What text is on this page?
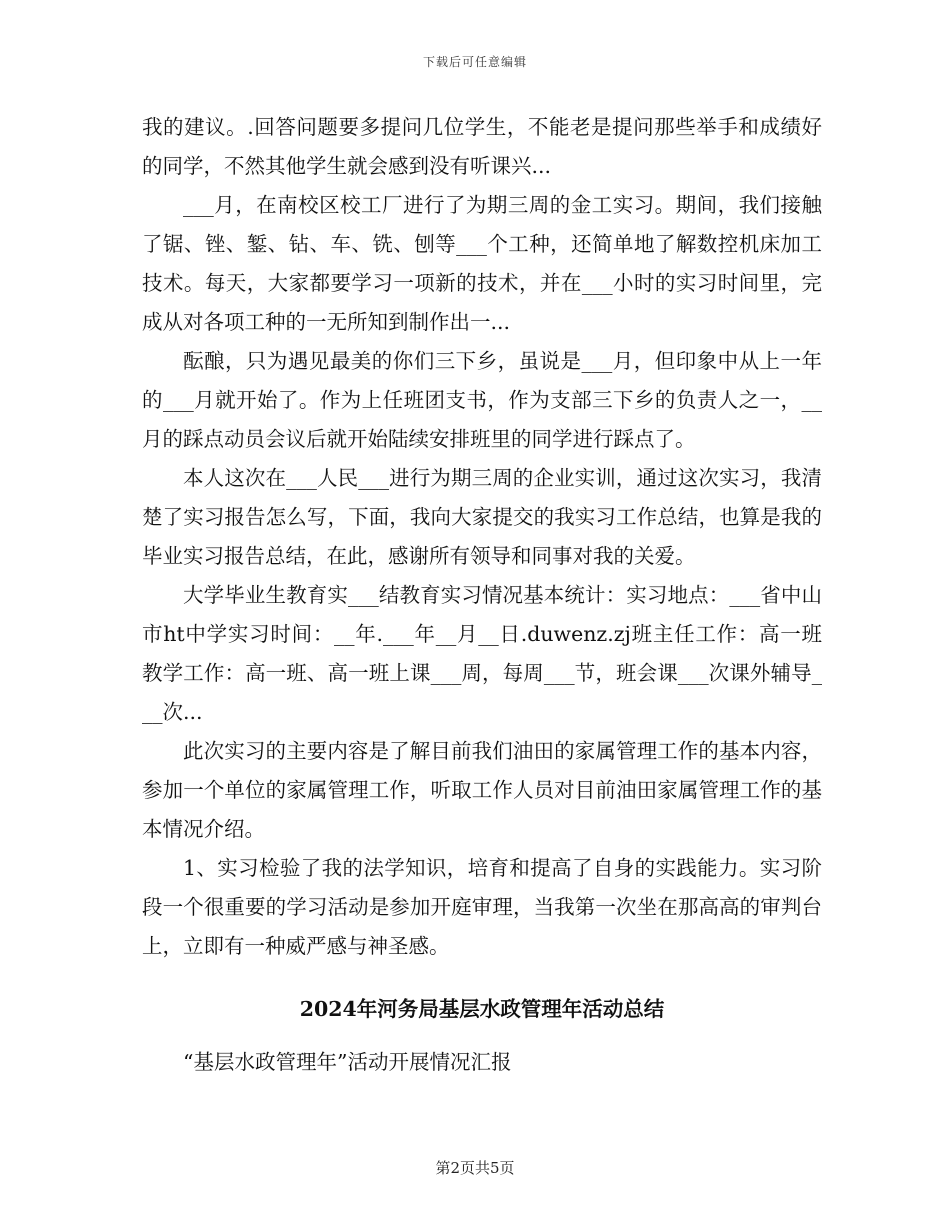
下载后可任意编辑

我的建议。.回答问题要多提问几位学生，不能老是提问那些举手和成绩好的同学，不然其他学生就会感到没有听课兴...

___月，在南校区校工厂进行了为期三周的金工实习。期间，我们接触了锯、锉、錾、钻、车、铣、刨等___个工种，还简单地了解数控机床加工技术。每天，大家都要学习一项新的技术，并在___小时的实习时间里，完成从对各项工种的一无所知到制作出一...

酝酿，只为遇见最美的你们三下乡，虽说是___月，但印象中从上一年的___月就开始了。作为上任班团支书，作为支部三下乡的负责人之一，__月的踩点动员会议后就开始陆续安排班里的同学进行踩点了。

本人这次在___人民___进行为期三周的企业实训，通过这次实习，我清楚了实习报告怎么写，下面，我向大家提交的我实习工作总结，也算是我的毕业实习报告总结，在此，感谢所有领导和同事对我的关爱。

大学毕业生教育实___结教育实习情况基本统计：实习地点：___省中山市ht中学实习时间：__年.___年__月__日.duwenz.zj班主任工作：高一班教学工作：高一班、高一班上课___周，每周___节，班会课___次课外辅导___次...

此次实习的主要内容是了解目前我们油田的家属管理工作的基本内容，参加一个单位的家属管理工作，听取工作人员对目前油田家属管理工作的基本情况介绍。

1、实习检验了我的法学知识，培育和提高了自身的实践能力。实习阶段一个很重要的学习活动是参加开庭审理，当我第一次坐在那高高的审判台上，立即有一种威严感与神圣感。

2024年河务局基层水政管理年活动总结

“基层水政管理年”活动开展情况汇报

第2页共5页
